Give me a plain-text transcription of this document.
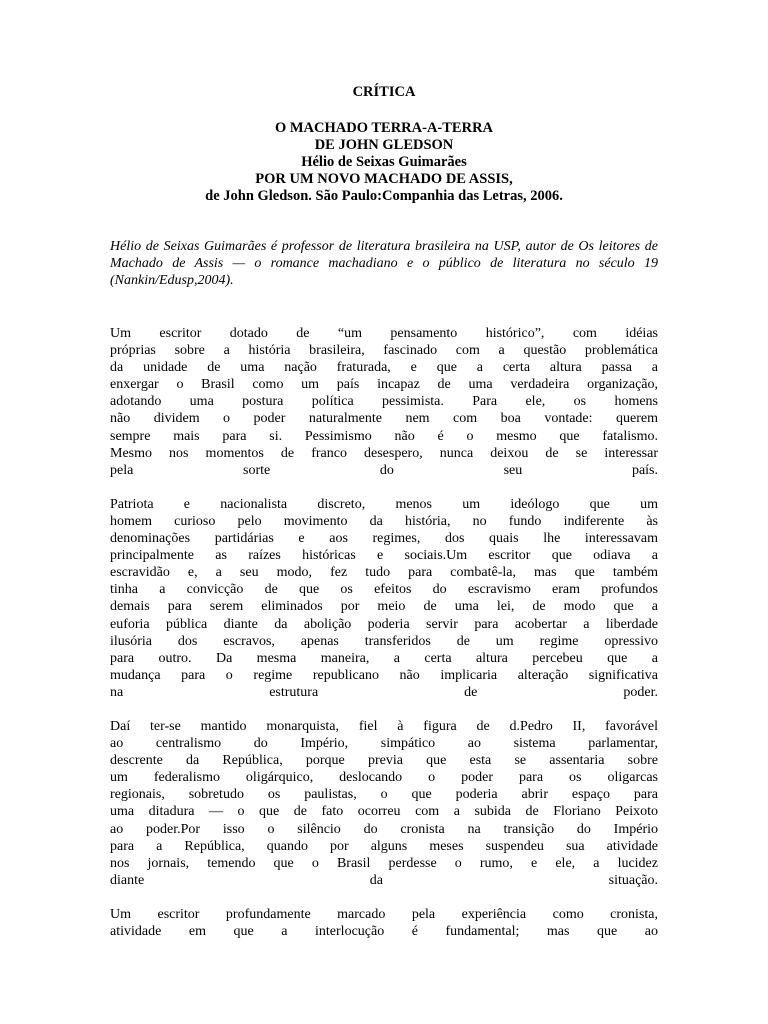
CRÍTICA
O MACHADO TERRA-A-TERRA
DE JOHN GLEDSON
Hélio de Seixas Guimarães
POR UM NOVO MACHADO DE ASSIS,
de John Gledson. São Paulo:Companhia das Letras, 2006.
Hélio de Seixas Guimarães é professor de literatura brasileira na USP, autor de Os leitores de Machado de Assis — o romance machadiano e o público de literatura no século 19 (Nankin/Edusp,2004).
Um escritor dotado de “um pensamento histórico”, com idéias
próprias sobre a história brasileira, fascinado com a questão problemática
da unidade de uma nação fraturada, e que a certa altura passa a
enxergar o Brasil como um país incapaz de uma verdadeira organização,
adotando uma postura política pessimista. Para ele, os homens
não dividem o poder naturalmente nem com boa vontade: querem
sempre mais para si. Pessimismo não é o mesmo que fatalismo.
Mesmo nos momentos de franco desespero, nunca deixou de se interessar
pela sorte do seu país.
Patriota e nacionalista discreto, menos um ideólogo que um
homem curioso pelo movimento da história, no fundo indiferente às
denominações partidárias e aos regimes, dos quais lhe interessavam
principalmente as raízes históricas e sociais.Um escritor que odiava a
escravidão e, a seu modo, fez tudo para combatê-la, mas que também
tinha a convicção de que os efeitos do escravismo eram profundos
demais para serem eliminados por meio de uma lei, de modo que a
euforia pública diante da abolição poderia servir para acobertar a liberdade
ilusória dos escravos, apenas transferidos de um regime opressivo
para outro. Da mesma maneira, a certa altura percebeu que a
mudança para o regime republicano não implicaria alteração significativa
na estrutura de poder.
Daí ter-se mantido monarquista, fiel à figura de d.Pedro II, favorável
ao centralismo do Império, simpático ao sistema parlamentar,
descrente da República, porque previa que esta se assentaria sobre
um federalismo oligárquico, deslocando o poder para os oligarcas
regionais, sobretudo os paulistas, o que poderia abrir espaço para
uma ditadura — o que de fato ocorreu com a subida de Floriano Peixoto
ao poder.Por isso o silêncio do cronista na transição do Império
para a República, quando por alguns meses suspendeu sua atividade
nos jornais, temendo que o Brasil perdesse o rumo, e ele, a lucidez
diante da situação.
Um escritor profundamente marcado pela experiência como cronista,
atividade em que a interlocução é fundamental; mas que ao
